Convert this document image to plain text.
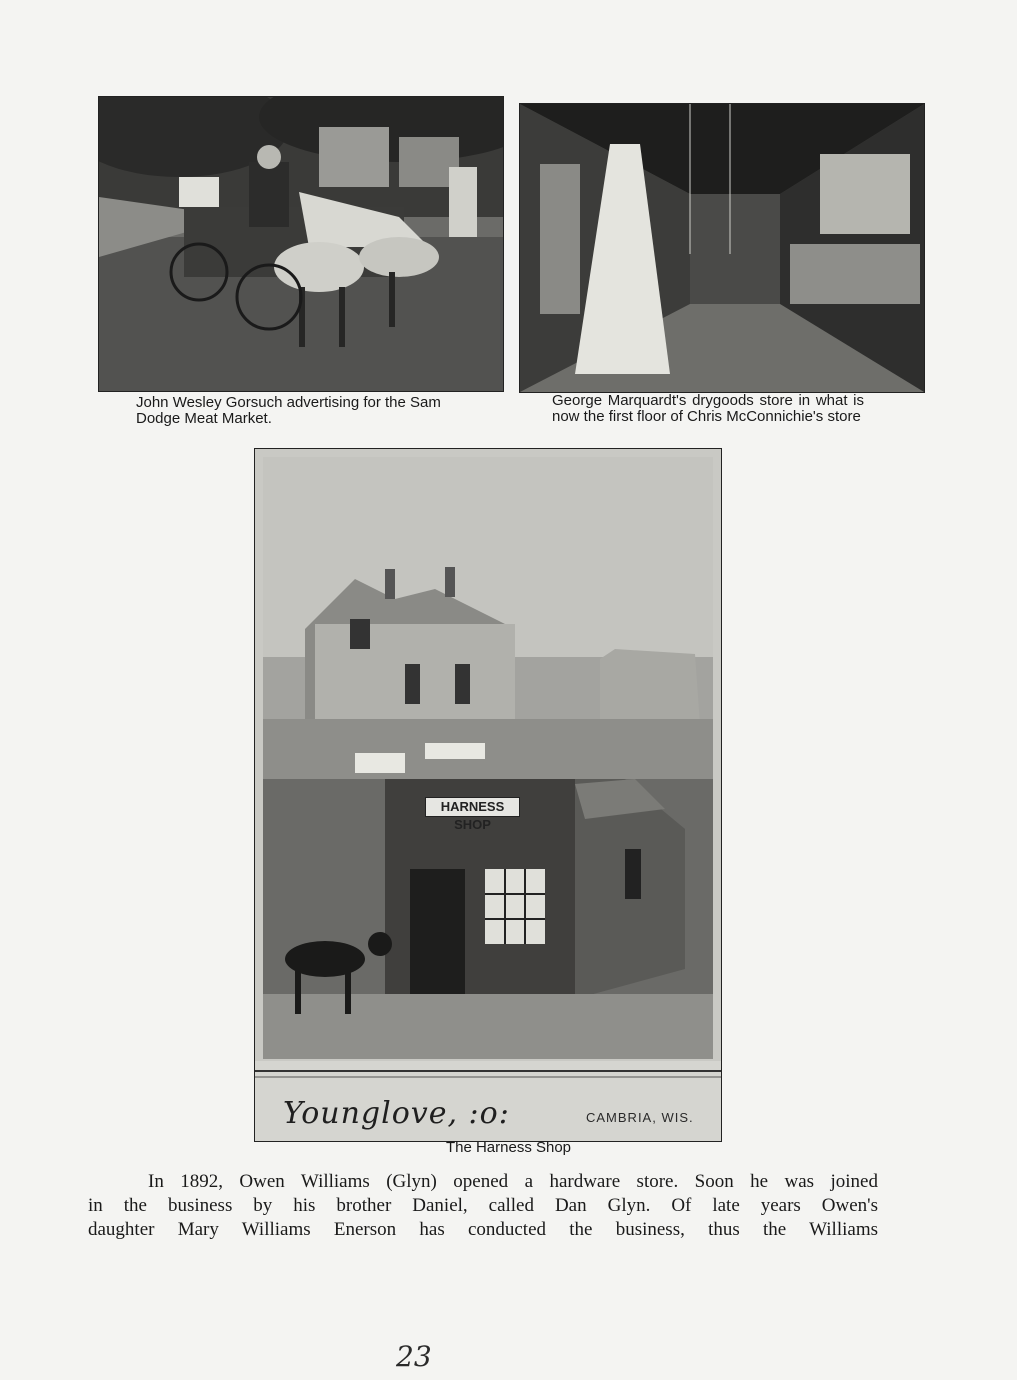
John Wesley Gorsuch advertising for the Sam Dodge Meat Market.

George Marquardt's drygoods store in what is now the first floor of Chris McConnichie's store

HARNESS SHOP
Younglove, :o:	CAMBRIA, WIS.

The Harness Shop

In 1892, Owen Williams (Glyn) opened a hardware store. Soon he was joined
in the business by his brother Daniel, called Dan Glyn. Of late years Owen's
daughter Mary Williams Enerson has conducted the business, thus the Williams

23
